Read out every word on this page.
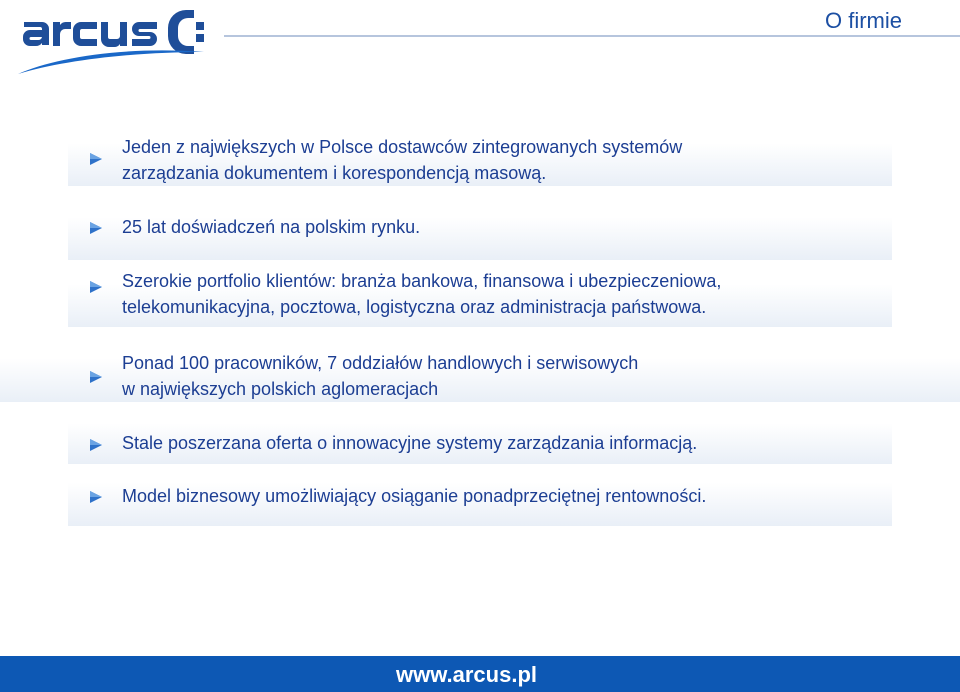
O firmie
Jeden z największych w Polsce dostawców zintegrowanych systemów
zarządzania dokumentem i korespondencją masową.
25 lat doświadczeń na polskim rynku.
Szerokie portfolio klientów: branża bankowa, finansowa i ubezpieczeniowa,
telekomunikacyjna, pocztowa, logistyczna oraz administracja państwowa.
Ponad 100 pracowników, 7 oddziałów handlowych i serwisowych
w największych polskich aglomeracjach
Stale poszerzana oferta o innowacyjne systemy zarządzania informacją.
Model biznesowy umożliwiający osiąganie ponadprzeciętnej rentowności.
www.arcus.pl
